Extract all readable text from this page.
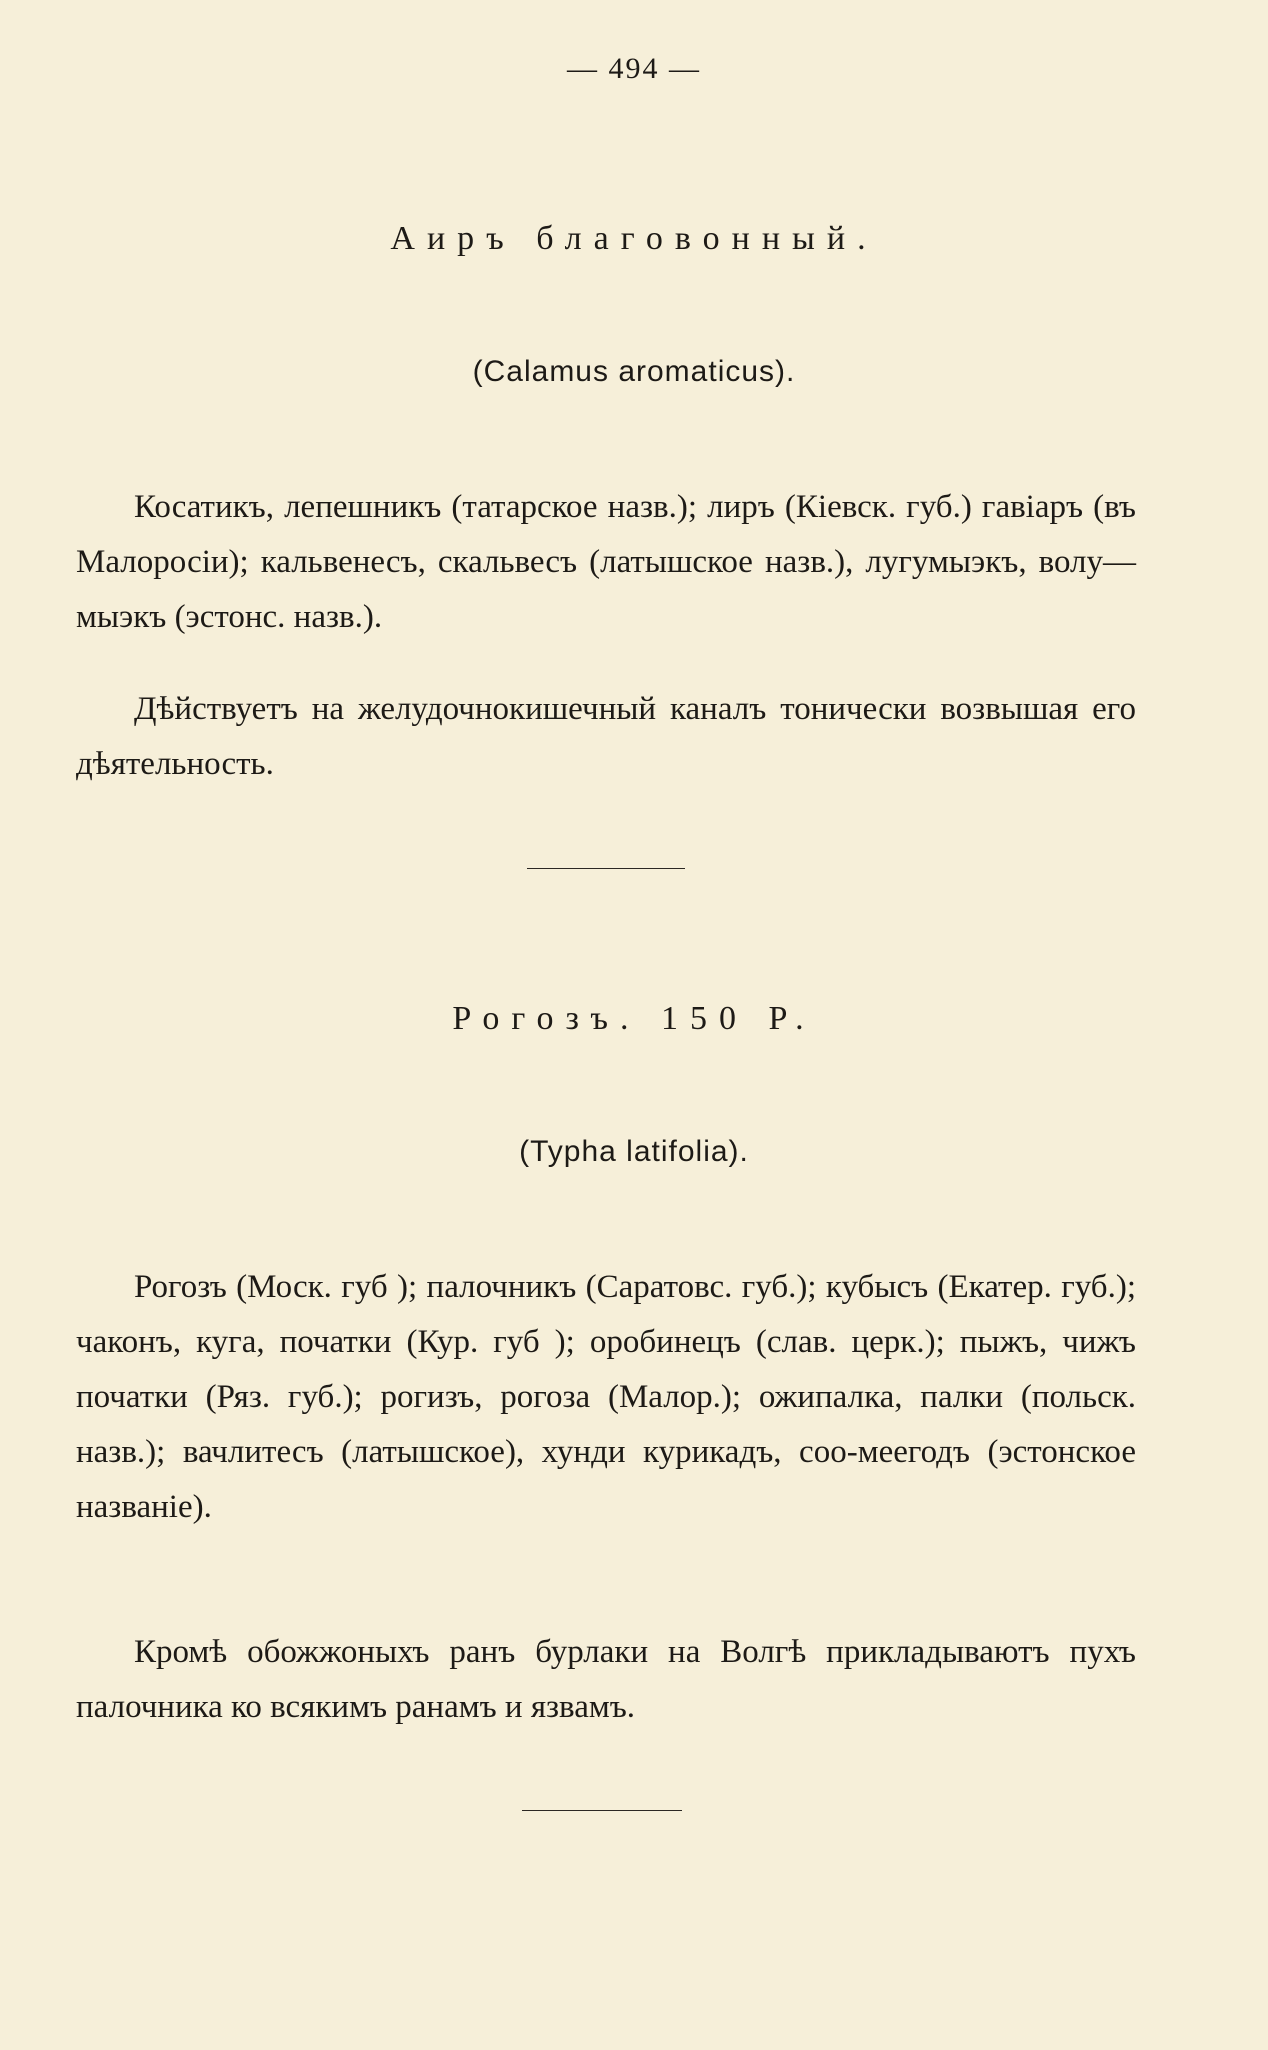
— 494 —
Аиръ благовонный.
(Calamus aromaticus).

Косатикъ, лепешникъ (татарское назв.); лиръ (Кіевск. губ.) гавіаръ (въ Малоросіи); кальвенесъ, скальвесъ (латышское назв.), лугумыэкъ, волу—мыэкъ (эстонс. назв.).

Дѣйствуетъ на желудочнокишечный каналъ тонически возвышая его дѣятельность.

Рогозъ. 150 Р.
(Typha latifolia).

Рогозъ (Моск. губ ); палочникъ (Саратовс. губ.); кубысъ (Екатер. губ.); чаконъ, куга, початки (Кур. губ ); оробинецъ (слав. церк.); пыжъ, чижъ початки (Ряз. губ.); рогизъ, рогоза (Малор.); ожипалка, палки (польск. назв.); вачлитесъ (латышское), хунди курикадъ, соо-меегодъ (эстонское названіе).

Кромѣ обожжоныхъ ранъ бурлаки на Волгѣ прикладываютъ пухъ палочника ко всякимъ ранамъ и язвамъ.
